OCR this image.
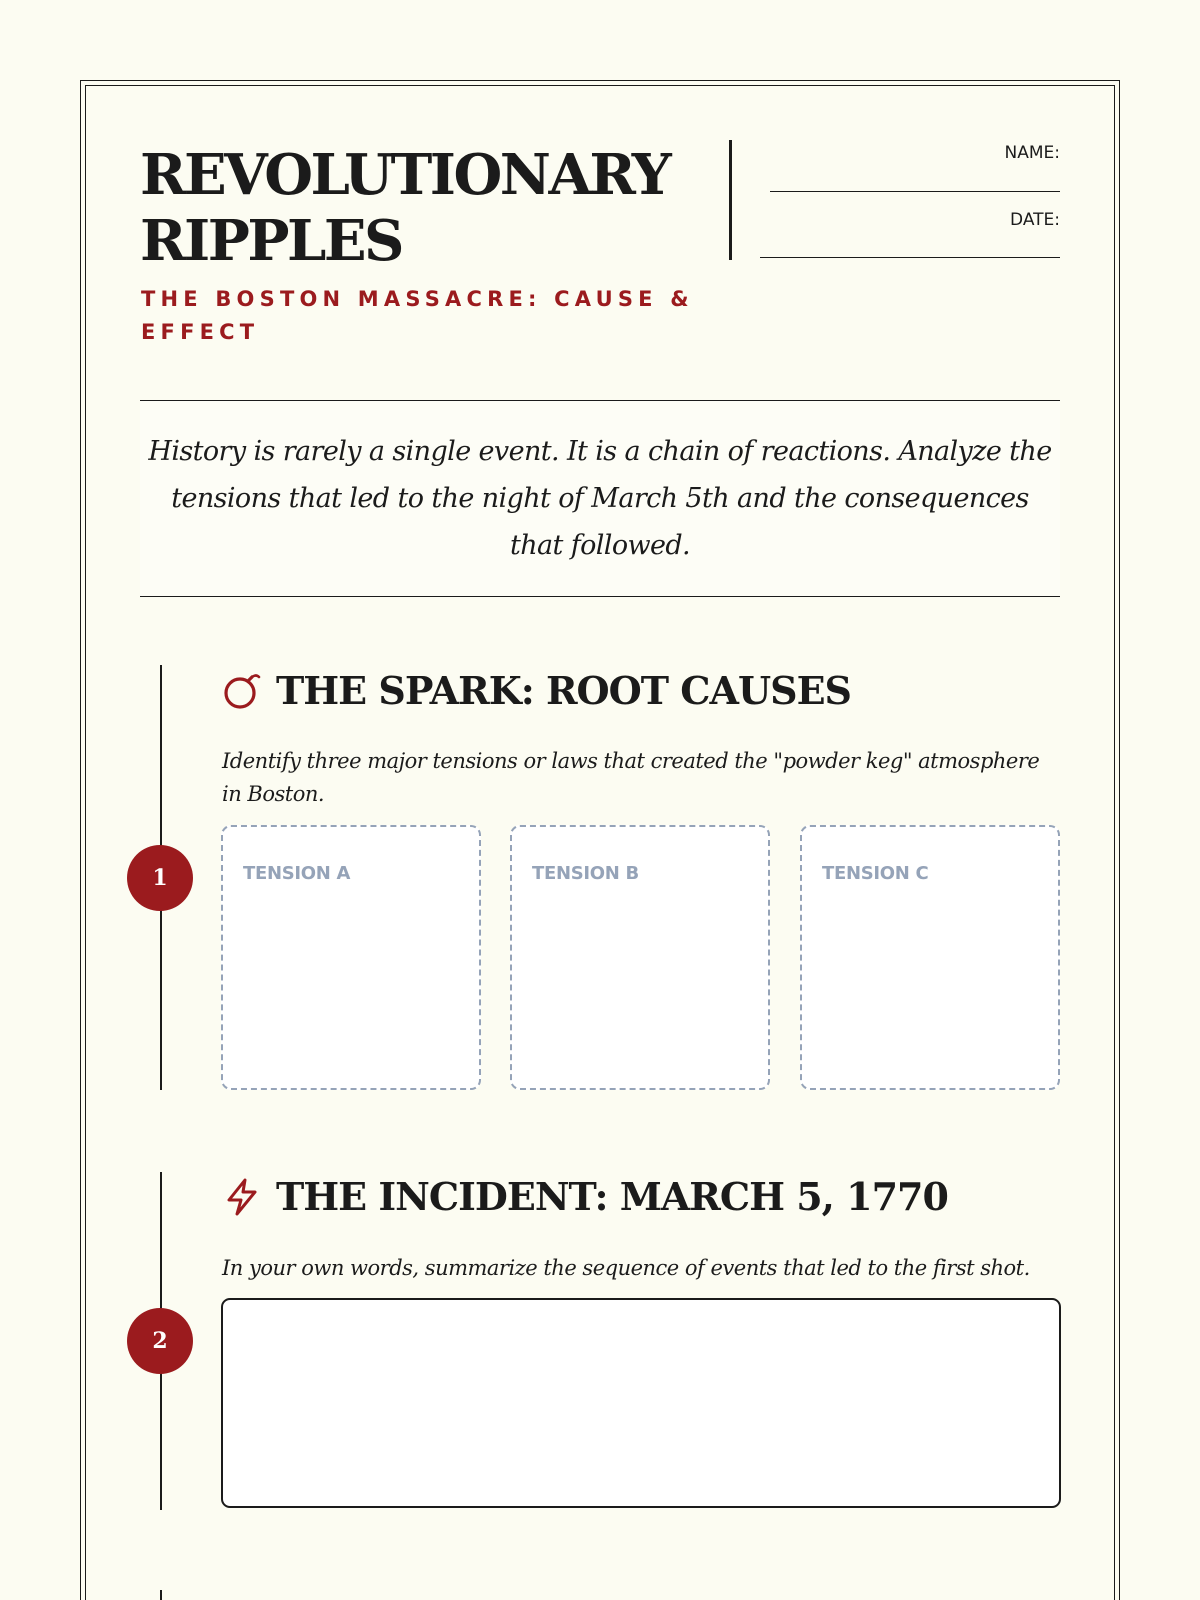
REVOLUTIONARY
RIPPLES
THE BOSTON MASSACRE: CAUSE & EFFECT
NAME:
DATE:

History is rarely a single event. It is a chain of reactions. Analyze the tensions that led to the night of March 5th and the consequences that followed.

1
THE SPARK: ROOT CAUSES
Identify three major tensions or laws that created the "powder keg" atmosphere in Boston.
TENSION A	TENSION B	TENSION C
2
THE INCIDENT: MARCH 5, 1770
In your own words, summarize the sequence of events that led to the first shot.
